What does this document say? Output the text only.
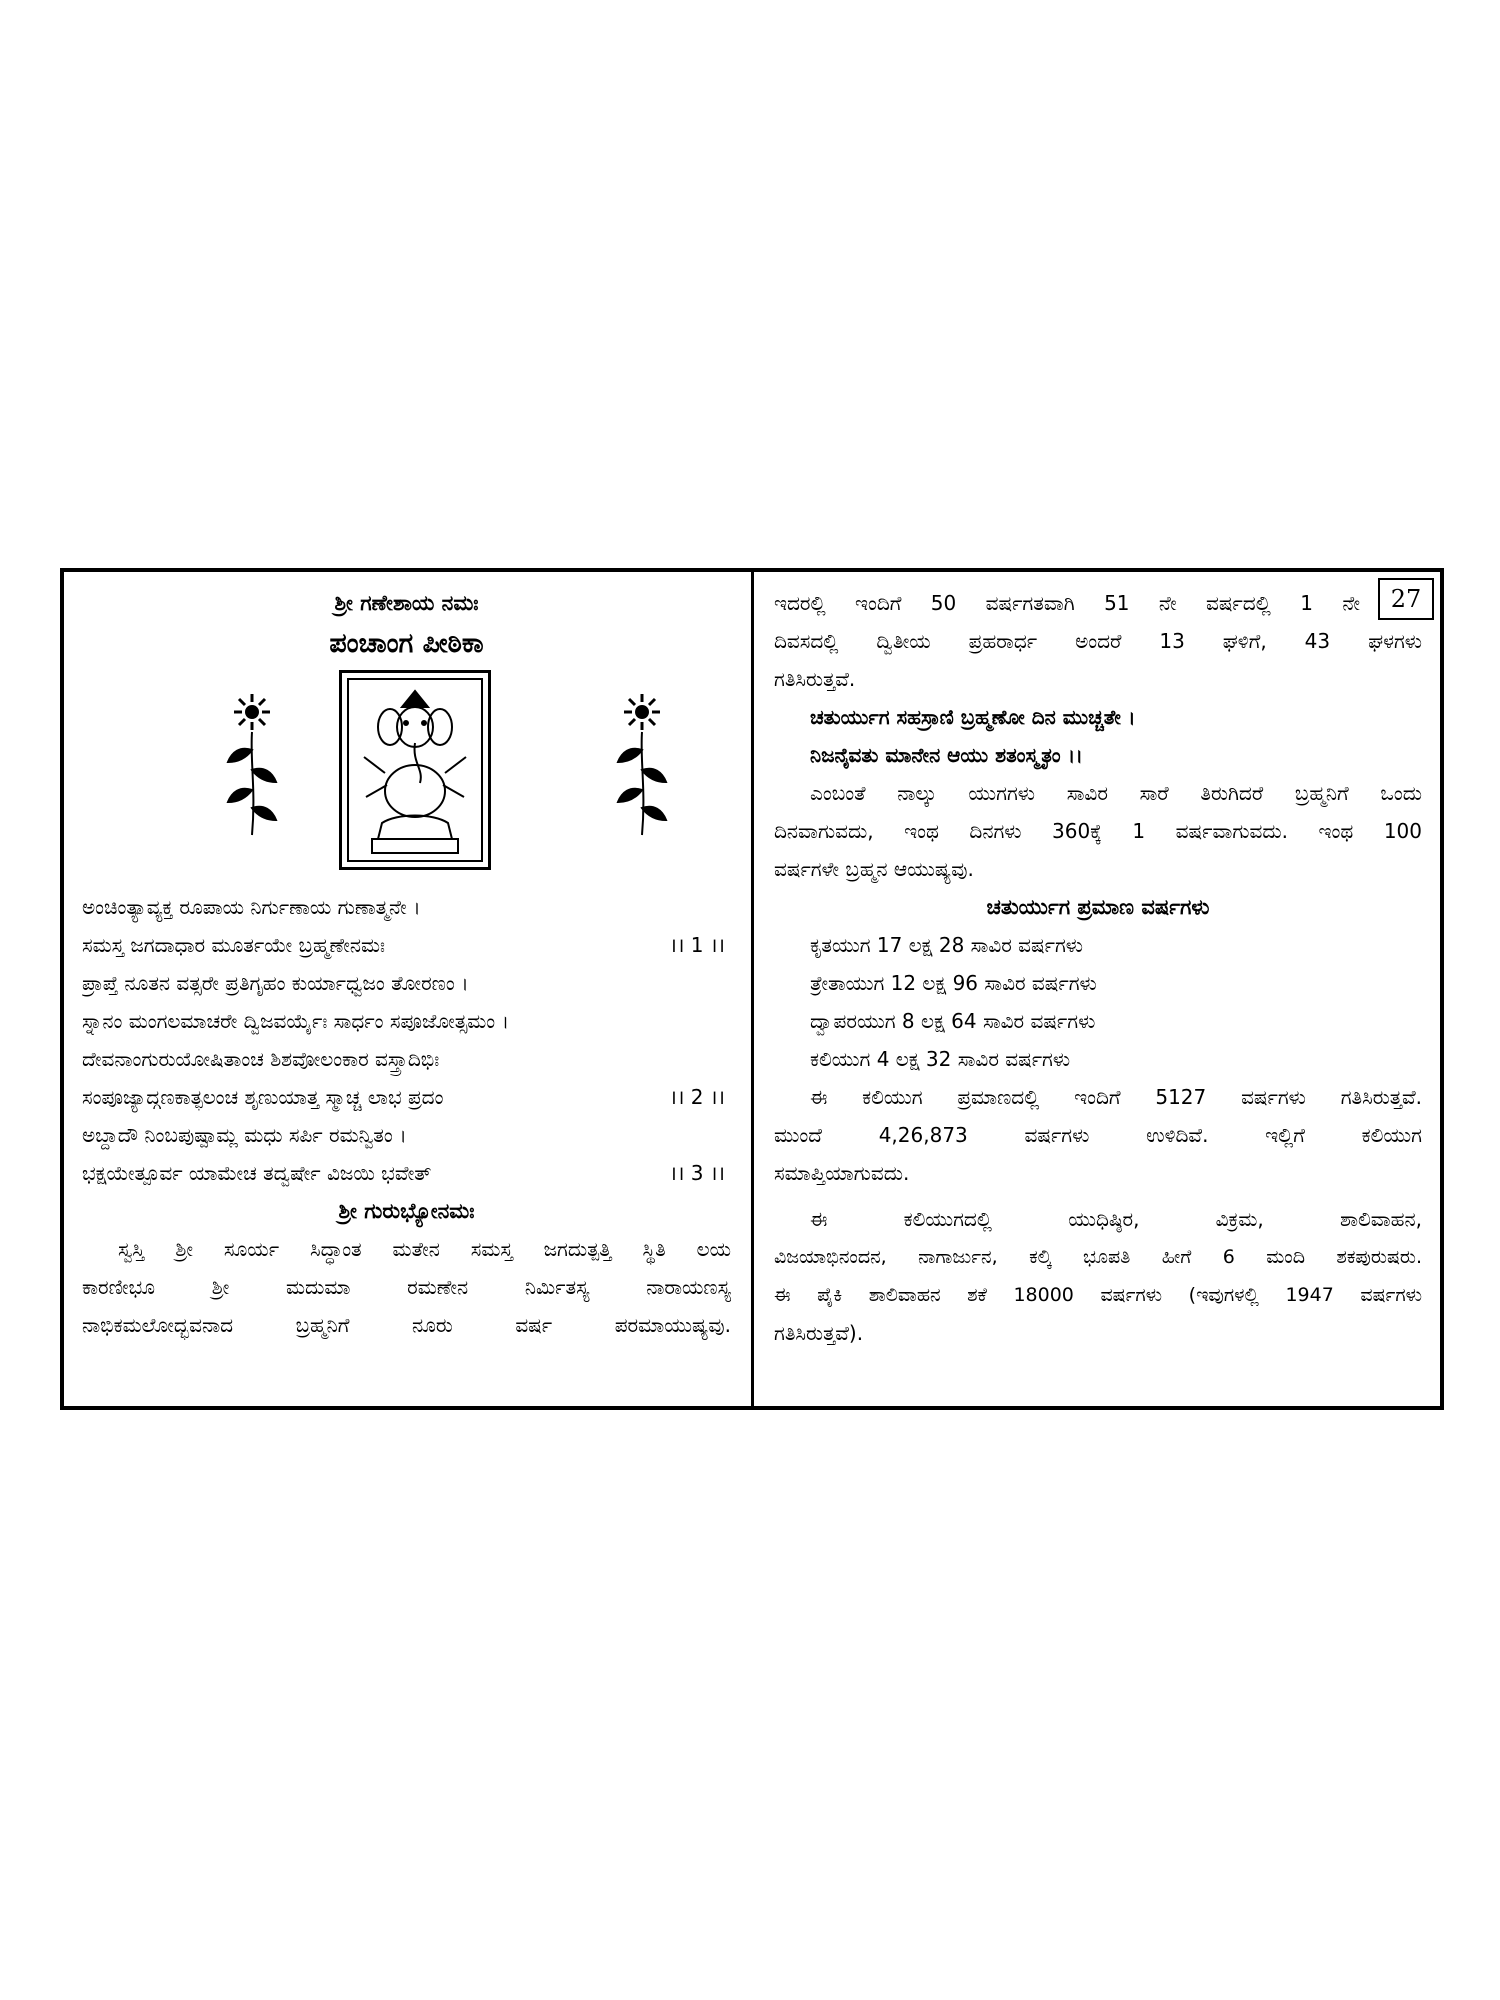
ಶ್ರೀ ಗಣೇಶಾಯ ನಮಃ
ಪಂಚಾಂಗ ಪೀಠಿಕಾ
ಅಂಚಿಂತ್ಯಾವ್ಯಕ್ತ ರೂಪಾಯ ನಿರ್ಗುಣಾಯ ಗುಣಾತ್ಮನೇ ।
ಸಮಸ್ತ ಜಗದಾಧಾರ ಮೂರ್ತಯೇ ಬ್ರಹ್ಮಣೇನಮಃ	।। 1 ।।
ಪ್ರಾಪ್ತೆ ನೂತನ ವತ್ಸರೇ ಪ್ರತಿಗೃಹಂ ಕುರ್ಯಾಧ್ವಜಂ ತೋರಣಂ ।
ಸ್ನಾನಂ ಮಂಗಲಮಾಚರೇ ದ್ವಿಜವರ್ಯೈಃ ಸಾರ್ಧಂ ಸಪೂಜೋತ್ಸಮಂ ।
ದೇವನಾಂಗುರುಯೋಷಿತಾಂಚ ಶಿಶವೋಲಂಕಾರ ವಸ್ತ್ರಾದಿಭಿಃ
ಸಂಪೂಜ್ಯಾದ್ಗಣಕಾತ್ಫಲಂಚ ಶೃಣುಯಾತ್ತ ಸ್ಮಾಚ್ಚ ಲಾಭ ಪ್ರದಂ	।। 2 ।।
ಅಬ್ದಾದೌ ನಿಂಬಪುಷ್ಪಾಮ್ಲ ಮಧು ಸರ್ಪಿ ರಮನ್ವಿತಂ ।
ಭಕ್ಷಯೇತ್ಪೂರ್ವ ಯಾಮೇಚ ತದ್ವರ್ಷೇ ವಿಜಯಿ ಭವೇತ್	।। 3 ।।
ಶ್ರೀ ಗುರುಭ್ಯೋನಮಃ
ಸ್ವಸ್ತಿ ಶ್ರೀ ಸೂರ್ಯ ಸಿದ್ಧಾಂತ ಮತೇನ ಸಮಸ್ತ ಜಗದುತ್ಪತ್ತಿ ಸ್ಥಿತಿ ಲಯ
ಕಾರಣೀಭೂ ಶ್ರೀ ಮದುಮಾ ರಮಣೇನ ನಿರ್ಮಿತಸ್ಯ ನಾರಾಯಣಸ್ಯ
ನಾಭಿಕಮಲೋದ್ಭವನಾದ ಬ್ರಹ್ಮನಿಗೆ ನೂರು ವರ್ಷ ಪರಮಾಯುಷ್ಯವು.
27
ಇದರಲ್ಲಿ ಇಂದಿಗೆ 50 ವರ್ಷಗತವಾಗಿ 51 ನೇ ವರ್ಷದಲ್ಲಿ 1 ನೇ
ದಿವಸದಲ್ಲಿ ದ್ವಿತೀಯ ಪ್ರಹರಾರ್ಧ ಅಂದರೆ 13 ಘಳಿಗೆ, 43 ಘಳಗಳು
ಗತಿಸಿರುತ್ತವೆ.
ಚತುರ್ಯುಗ ಸಹಸ್ರಾಣಿ ಬ್ರಹ್ಮಣೋ ದಿನ ಮುಚ್ಚತೇ ।
ನಿಜನೈವತು ಮಾನೇನ ಆಯು ಶತಂಸ್ಮೃತಂ ।।
ಎಂಬಂತೆ ನಾಲ್ಕು ಯುಗಗಳು ಸಾವಿರ ಸಾರೆ ತಿರುಗಿದರೆ ಬ್ರಹ್ಮನಿಗೆ ಒಂದು
ದಿನವಾಗುವದು, ಇಂಥ ದಿನಗಳು 360ಕ್ಕೆ 1 ವರ್ಷವಾಗುವದು. ಇಂಥ 100
ವರ್ಷಗಳೇ ಬ್ರಹ್ಮನ ಆಯುಷ್ಯವು.
ಚತುರ್ಯುಗ ಪ್ರಮಾಣ ವರ್ಷಗಳು
ಕೃತಯುಗ 17 ಲಕ್ಷ 28 ಸಾವಿರ ವರ್ಷಗಳು
ತ್ರೇತಾಯುಗ 12 ಲಕ್ಷ 96 ಸಾವಿರ ವರ್ಷಗಳು
ದ್ವಾಪರಯುಗ 8 ಲಕ್ಷ 64 ಸಾವಿರ ವರ್ಷಗಳು
ಕಲಿಯುಗ 4 ಲಕ್ಷ 32 ಸಾವಿರ ವರ್ಷಗಳು
ಈ ಕಲಿಯುಗ ಪ್ರಮಾಣದಲ್ಲಿ ಇಂದಿಗೆ 5127 ವರ್ಷಗಳು ಗತಿಸಿರುತ್ತವೆ.
ಮುಂದೆ 4,26,873 ವರ್ಷಗಳು ಉಳಿದಿವೆ. ಇಲ್ಲಿಗೆ ಕಲಿಯುಗ
ಸಮಾಪ್ತಿಯಾಗುವದು.
ಈ ಕಲಿಯುಗದಲ್ಲಿ ಯುಧಿಷ್ಠಿರ, ವಿಕ್ರಮ, ಶಾಲಿವಾಹನ,
ವಿಜಯಾಭಿನಂದನ, ನಾಗಾರ್ಜುನ, ಕಲ್ಕಿ ಭೂಪತಿ ಹೀಗೆ 6 ಮಂದಿ ಶಕಪುರುಷರು.
ಈ ಪೈಕಿ ಶಾಲಿವಾಹನ ಶಕೆ 18000 ವರ್ಷಗಳು (ಇವುಗಳಲ್ಲಿ 1947 ವರ್ಷಗಳು
ಗತಿಸಿರುತ್ತವೆ).
